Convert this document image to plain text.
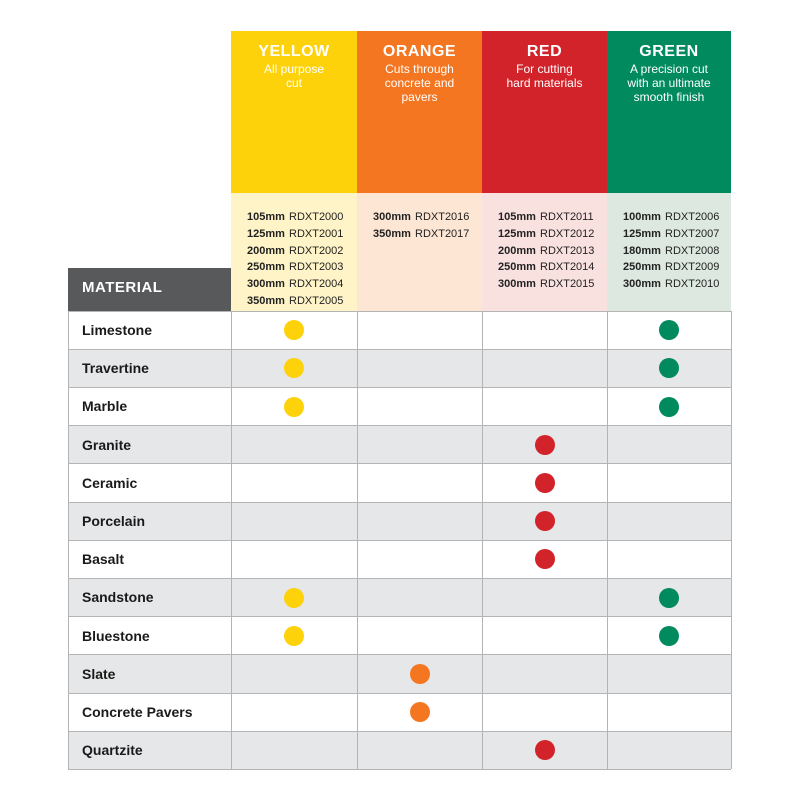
YELLOW
All purpose
cut
105mm RDXT2000
125mm RDXT2001
200mm RDXT2002
250mm RDXT2003
300mm RDXT2004
350mm RDXT2005
ORANGE
Cuts through
concrete and
pavers
300mm RDXT2016
350mm RDXT2017
RED
For cutting
hard materials
105mm RDXT2011
125mm RDXT2012
200mm RDXT2013
250mm RDXT2014
300mm RDXT2015
GREEN
A precision cut
with an ultimate
smooth finish
100mm RDXT2006
125mm RDXT2007
180mm RDXT2008
250mm RDXT2009
300mm RDXT2010
Limestone
Travertine
Marble
Granite
Ceramic
Porcelain
Basalt
Sandstone
Bluestone
Slate
Concrete Pavers
Quartzite
MATERIAL
